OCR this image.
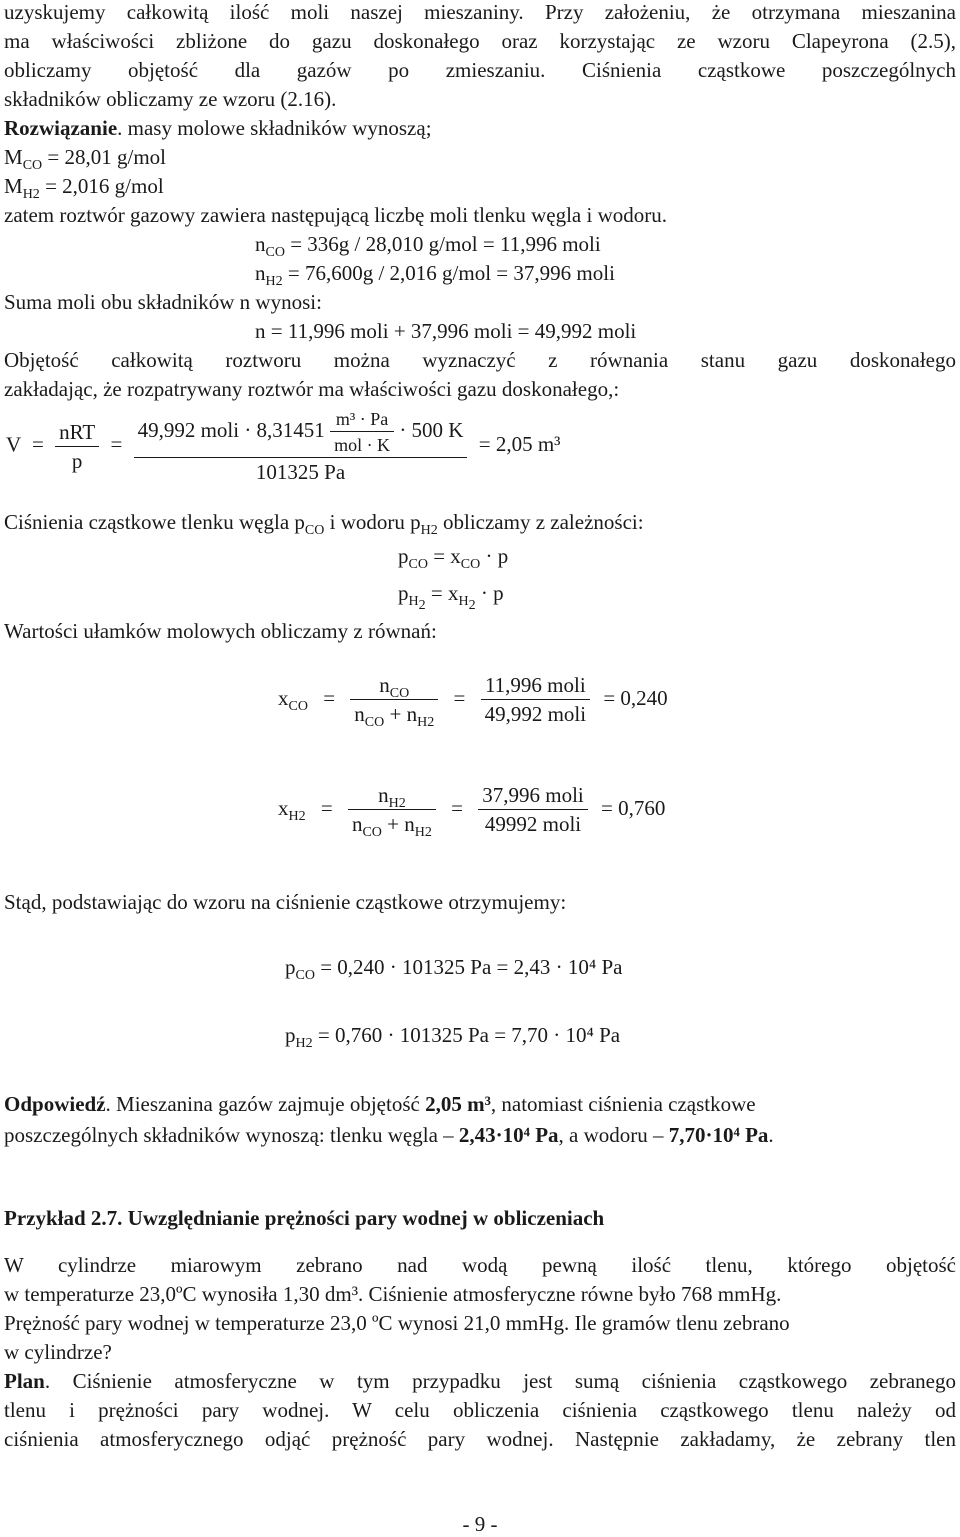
uzyskujemy całkowitą ilość moli naszej mieszaniny. Przy założeniu, że otrzymana mieszanina

ma właściwości zbliżone do gazu doskonałego oraz korzystając ze wzoru Clapeyrona (2.5),

obliczamy objętość dla gazów po zmieszaniu. Ciśnienia cząstkowe poszczególnych

składników obliczamy ze wzoru (2.16).

Rozwiązanie. masy molowe składników wynoszą;

$M_{CO} = 28,01$ g/mol

$M_{H2} = 2,016$ g/mol

zatem roztwór gazowy zawiera następującą liczbę moli tlenku węgla i wodoru.

$n_{CO} = 336g / 28,010$ g/mol = 11,996 moli

$n_{H2} = 76,600g / 2,016$ g/mol = 37,996 moli

Suma moli obu składników n wynosi:

n = 11,996 moli + 37,996 moli = 49,992 moli

Objętość całkowitą roztworu można wyznaczyć z równania stanu gazu doskonałego

zakładając, że rozpatrywany roztwór ma właściwości gazu doskonałego,:

$V = \frac{\text{nRT}}{p} = \frac{49,992 moli \cdot 8,31451 \frac{\text{m³ · Pa}}{\text{mol · K}} \cdot 500 K}{101325 Pa} = 2,05$ m³

Ciśnienia cząstkowe tlenku węgla $p_{CO}$ i wodoru $p_{H2}$ obliczamy z zależności:

$p_{CO} = x_{CO} \cdot p$

$p_{H_2} = x_{H_2} \cdot p$

Wartości ułamków molowych obliczamy z równań:

$x_{CO} = \frac{n_{CO}}{n_{CO} + n_{H2}} = \frac{\text{11,996 moli}}{\text{49,992 moli}} = 0,240$
$x_{H2} = \frac{n_{H2}}{n_{CO} + n_{H2}} = \frac{\text{37,996 moli}}{\text{49992 moli}} = 0,760$

Stąd, podstawiając do wzoru na ciśnienie cząstkowe otrzymujemy:

$p_{CO} = 0,240 \cdot 101325$ Pa = 2,43 · 10⁴ Pa

$p_{H2} = 0,760 \cdot 101325$ Pa = 7,70 · 10⁴ Pa

Odpowiedź. Mieszanina gazów zajmuje objętość 2,05 m³, natomiast ciśnienia cząstkowe

poszczególnych składników wynoszą: tlenku węgla – 2,43·10⁴ Pa, a wodoru – 7,70·10⁴ Pa.

Przykład 2.7. Uwzględnianie prężności pary wodnej w obliczeniach

W cylindrze miarowym zebrano nad wodą pewną ilość tlenu, którego objętość

w temperaturze 23,0ºC wynosiła 1,30 dm³. Ciśnienie atmosferyczne równe było 768 mmHg.

Prężność pary wodnej w temperaturze 23,0 ºC wynosi 21,0 mmHg. Ile gramów tlenu zebrano

w cylindrze?

Plan. Ciśnienie atmosferyczne w tym przypadku jest sumą ciśnienia cząstkowego zebranego

tlenu i prężności pary wodnej. W celu obliczenia ciśnienia cząstkowego tlenu należy od

ciśnienia atmosferycznego odjąć prężność pary wodnej. Następnie zakładamy, że zebrany tlen

- 9 -
